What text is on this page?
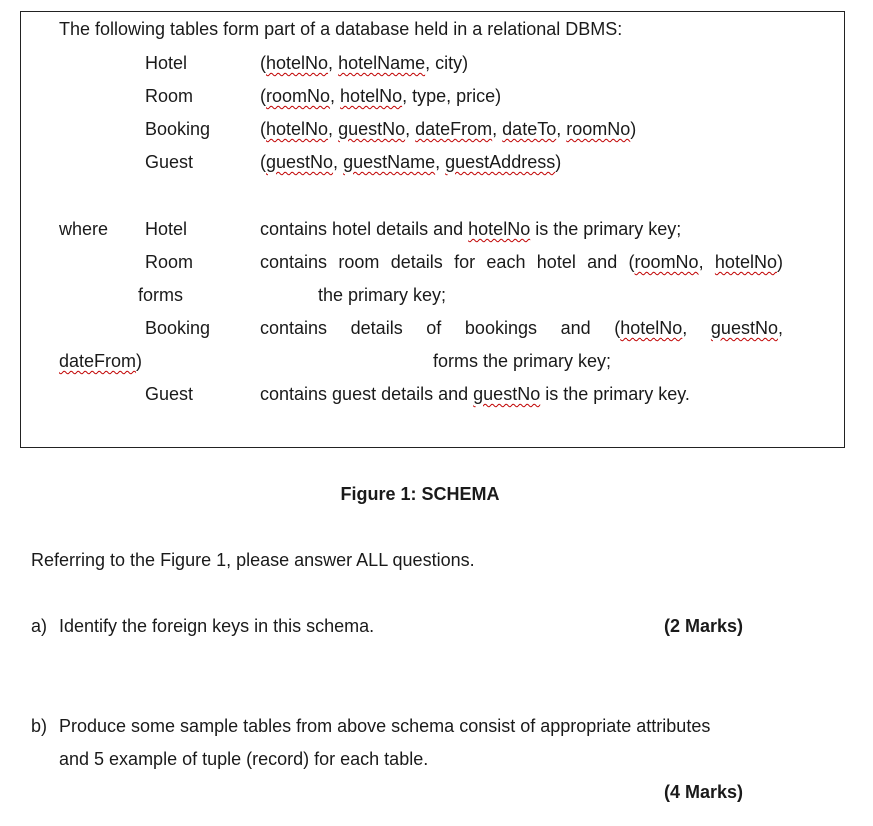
The following tables form part of a database held in a relational DBMS:
Hotel	(hotelNo, hotelName, city)
Room	(roomNo, hotelNo, type, price)
Booking	(hotelNo, guestNo, dateFrom, dateTo, roomNo)
Guest	(guestNo, guestName, guestAddress)
where Hotel	contains hotel details and hotelNo is the primary key;
Room	contains room details for each hotel and (roomNo, hotelNo)
forms	the primary key;
Booking	contains details of bookings and (hotelNo, guestNo,
dateFrom)	forms the primary key;
Guest	contains guest details and guestNo is the primary key.
Figure 1: SCHEMA
Referring to the Figure 1, please answer ALL questions.
a) Identify the foreign keys in this schema.	(2 Marks)
b) Produce some sample tables from above schema consist of appropriate attributes
and 5 example of tuple (record) for each table.
(4 Marks)
